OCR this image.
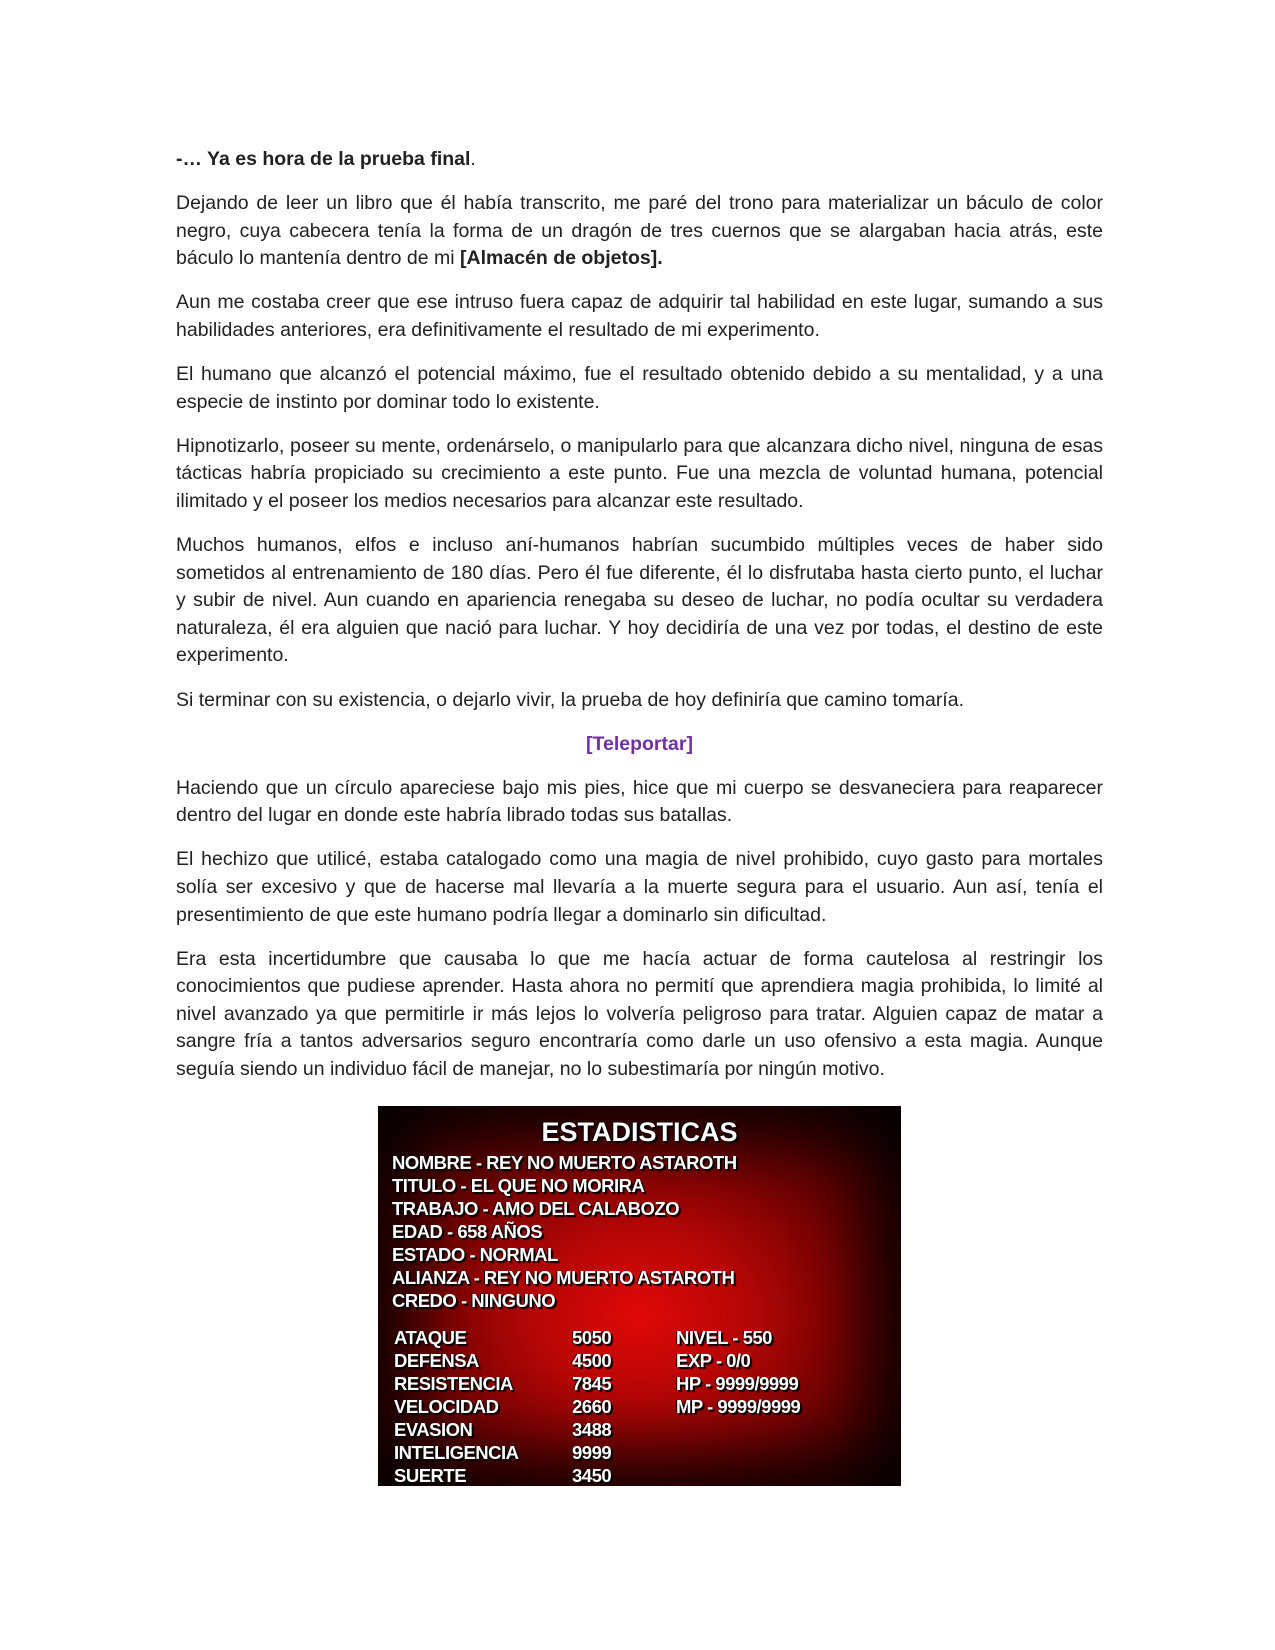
-… Ya es hora de la prueba final.

Dejando de leer un libro que él había transcrito, me paré del trono para materializar un báculo de color negro, cuya cabecera tenía la forma de un dragón de tres cuernos que se alargaban hacia atrás, este báculo lo mantenía dentro de mi [Almacén de objetos].

Aun me costaba creer que ese intruso fuera capaz de adquirir tal habilidad en este lugar, sumando a sus habilidades anteriores, era definitivamente el resultado de mi experimento.

El humano que alcanzó el potencial máximo, fue el resultado obtenido debido a su mentalidad, y a una especie de instinto por dominar todo lo existente.

Hipnotizarlo, poseer su mente, ordenárselo, o manipularlo para que alcanzara dicho nivel, ninguna de esas tácticas habría propiciado su crecimiento a este punto. Fue una mezcla de voluntad humana, potencial ilimitado y el poseer los medios necesarios para alcanzar este resultado.

Muchos humanos, elfos e incluso aní-humanos habrían sucumbido múltiples veces de haber sido sometidos al entrenamiento de 180 días. Pero él fue diferente, él lo disfrutaba hasta cierto punto, el luchar y subir de nivel. Aun cuando en apariencia renegaba su deseo de luchar, no podía ocultar su verdadera naturaleza, él era alguien que nació para luchar. Y hoy decidiría de una vez por todas, el destino de este experimento.

Si terminar con su existencia, o dejarlo vivir, la prueba de hoy definiría que camino tomaría.

[Teleportar]

Haciendo que un círculo apareciese bajo mis pies, hice que mi cuerpo se desvaneciera para reaparecer dentro del lugar en donde este habría librado todas sus batallas.

El hechizo que utilicé, estaba catalogado como una magia de nivel prohibido, cuyo gasto para mortales solía ser excesivo y que de hacerse mal llevaría a la muerte segura para el usuario. Aun así, tenía el presentimiento de que este humano podría llegar a dominarlo sin dificultad.

Era esta incertidumbre que causaba lo que me hacía actuar de forma cautelosa al restringir los conocimientos que pudiese aprender. Hasta ahora no permití que aprendiera magia prohibida, lo limité al nivel avanzado ya que permitirle ir más lejos lo volvería peligroso para tratar. Alguien capaz de matar a sangre fría a tantos adversarios seguro encontraría como darle un uso ofensivo a esta magia. Aunque seguía siendo un individuo fácil de manejar, no lo subestimaría por ningún motivo.

ESTADISTICAS
NOMBRE - REY NO MUERTO ASTAROTH
TITULO - EL QUE NO MORIRA
TRABAJO - AMO DEL CALABOZO
EDAD - 658 AÑOS
ESTADO - NORMAL
ALIANZA - REY NO MUERTO ASTAROTH
CREDO - NINGUNO
ATAQUE
DEFENSA
RESISTENCIA
VELOCIDAD
EVASION
INTELIGENCIA
SUERTE
5050
4500
7845
2660
3488
9999
3450
NIVEL - 550
EXP - 0/0
HP - 9999/9999
MP - 9999/9999
